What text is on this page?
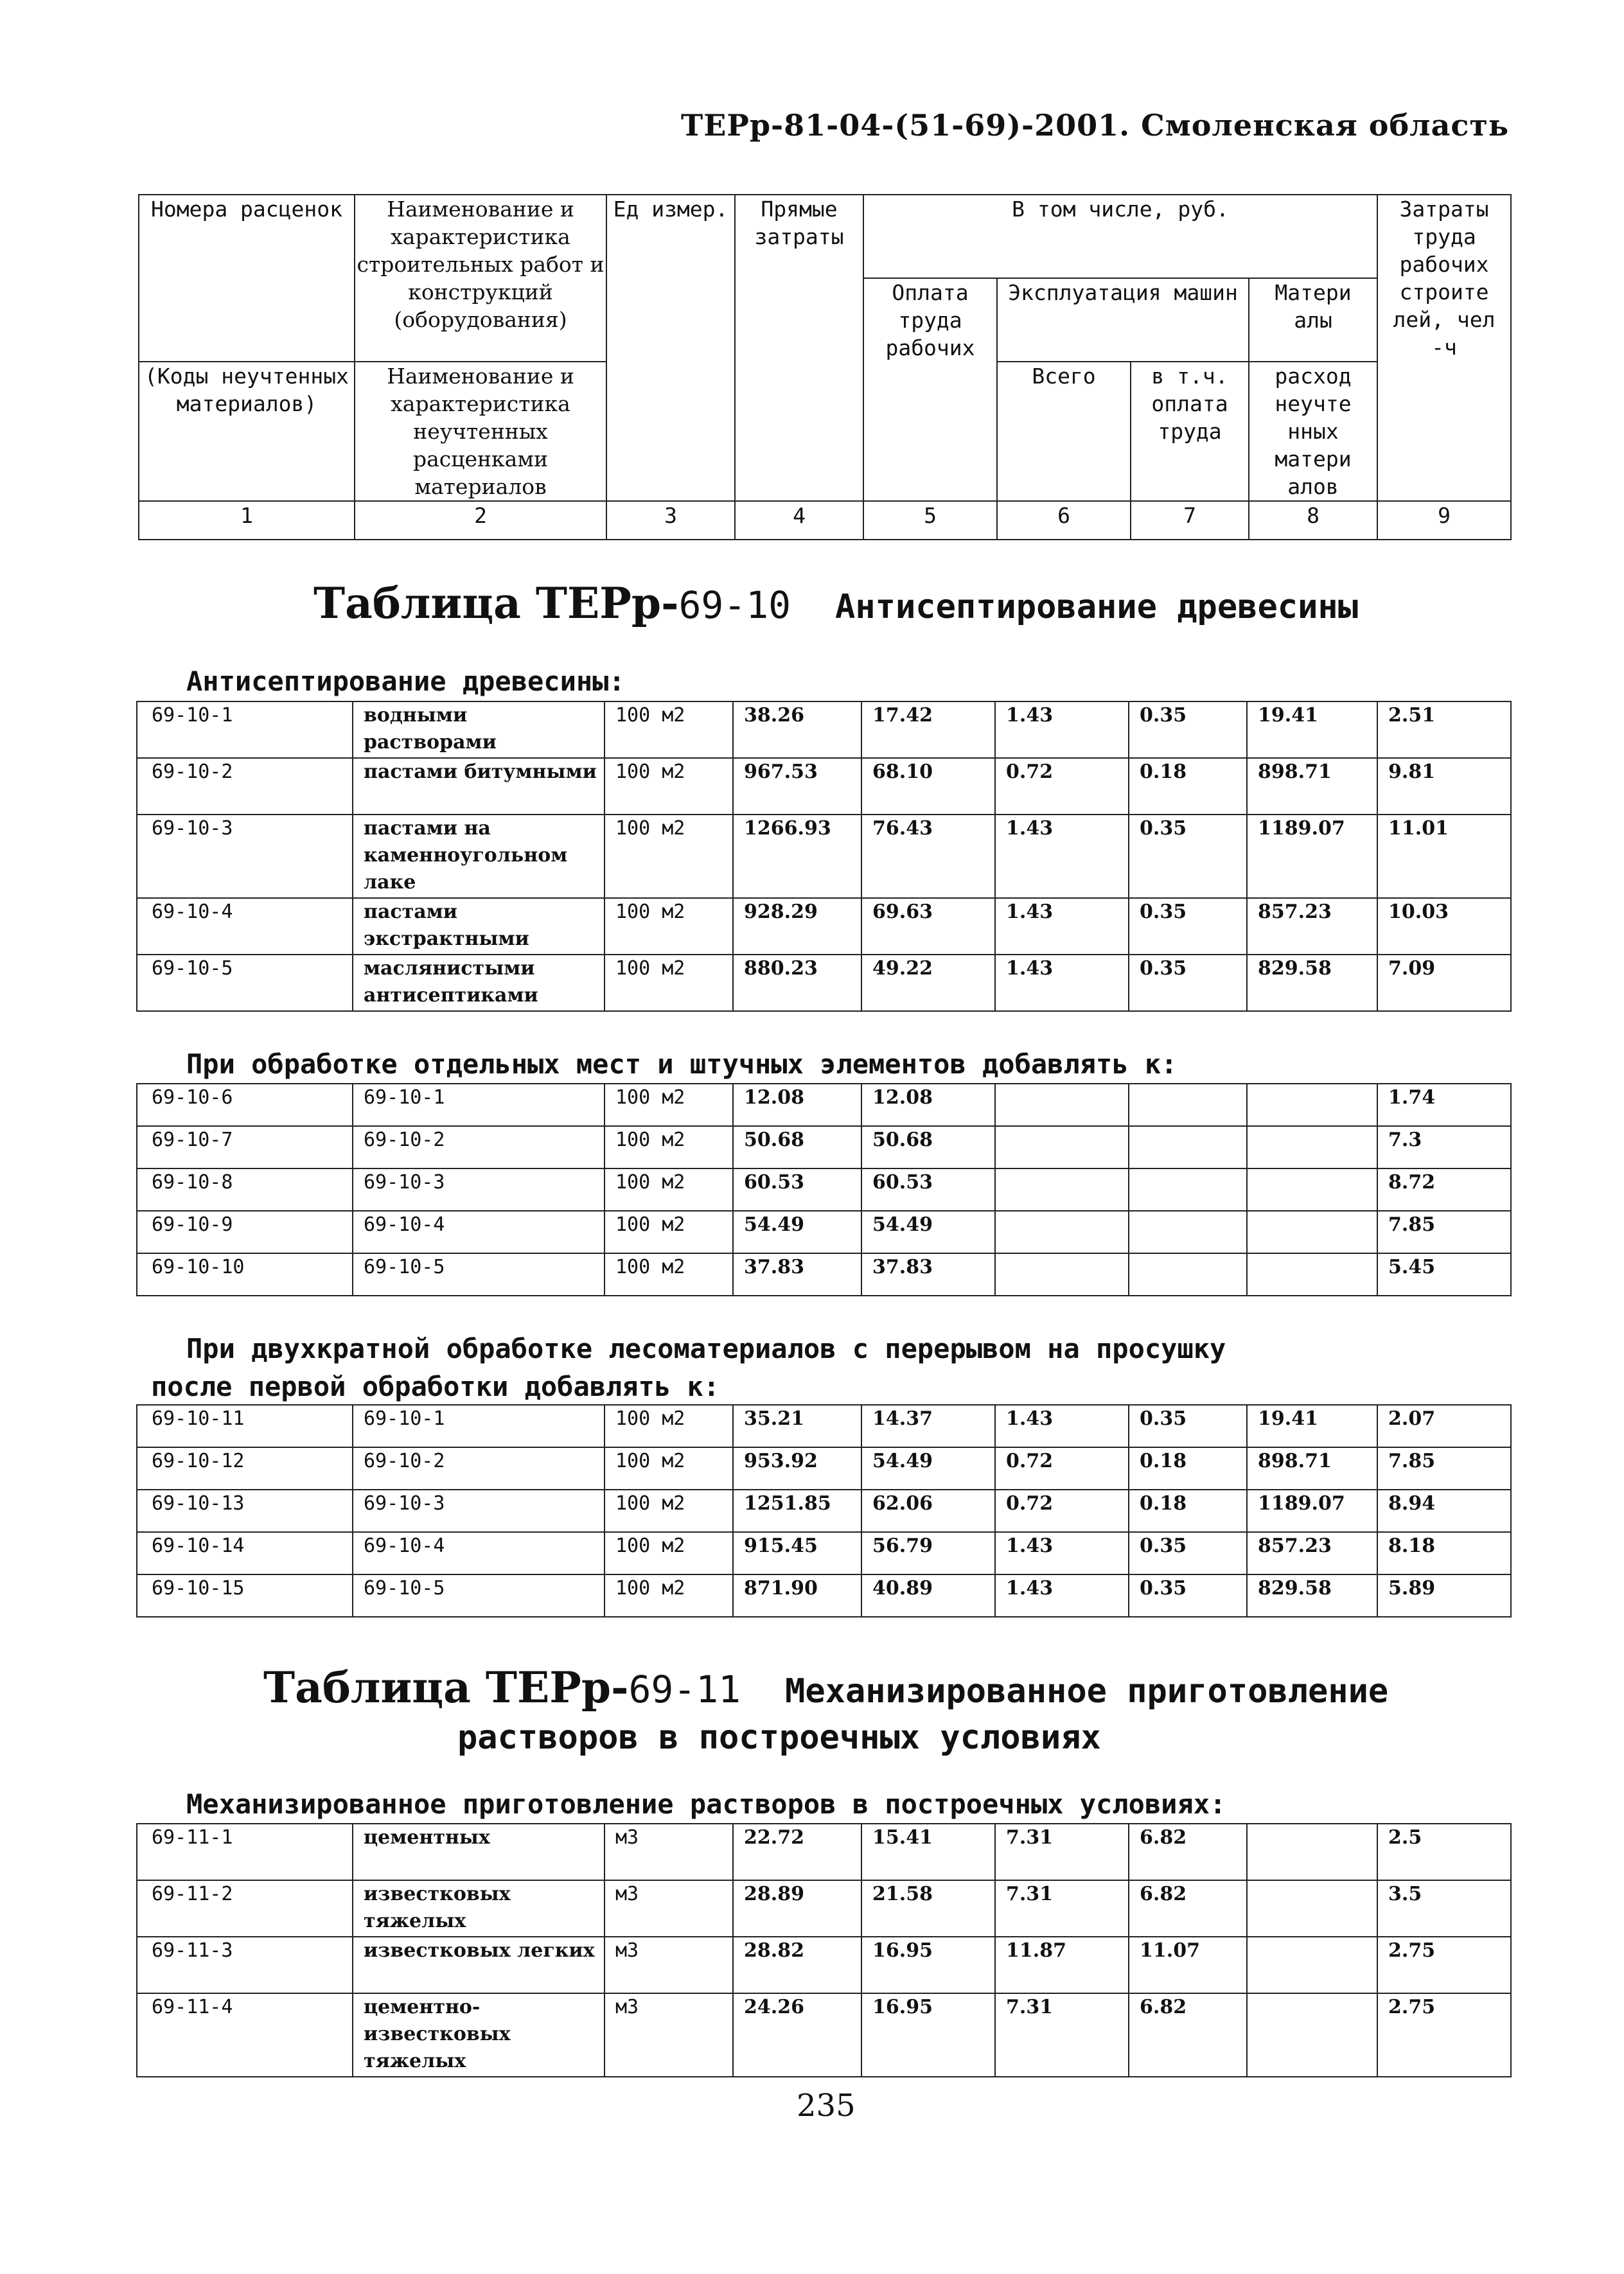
ТЕРр-81-04-(51-69)-2001. Смоленская область
Номера расценок	Наименование и характеристика строительных работ и конструкций (оборудования)	Ед измер.	Прямые затраты	В том числе, руб.				Затраты труда рабочих строите лей, чел -ч
				Оплата труда рабочих	Эксплуатация машин		Матери алы	
(Коды неучтенных материалов)	Наименование и характеристика неучтенных расценками материалов				Всего	в т.ч. оплата труда	расход неучте нных матери алов	
1	2	3	4	5	6	7	8	9
Таблица ТЕРр-69-10 Антисептирование древесины
Антисептирование древесины:
69-10-1	водными растворами	100 м2	38.26	17.42	1.43	0.35	19.41	2.51
69-10-2	пастами битумными	100 м2	967.53	68.10	0.72	0.18	898.71	9.81
69-10-3	пастами на каменноугольном лаке	100 м2	1266.93	76.43	1.43	0.35	1189.07	11.01
69-10-4	пастами экстрактными	100 м2	928.29	69.63	1.43	0.35	857.23	10.03
69-10-5	маслянистыми антисептиками	100 м2	880.23	49.22	1.43	0.35	829.58	7.09
При обработке отдельных мест и штучных элементов добавлять к:
69-10-6	69-10-1	100 м2	12.08	12.08				1.74
69-10-7	69-10-2	100 м2	50.68	50.68				7.3
69-10-8	69-10-3	100 м2	60.53	60.53				8.72
69-10-9	69-10-4	100 м2	54.49	54.49				7.85
69-10-10	69-10-5	100 м2	37.83	37.83				5.45
При двухкратной обработке лесоматериалов с перерывом на просушку
после первой обработки добавлять к:
69-10-11	69-10-1	100 м2	35.21	14.37	1.43	0.35	19.41	2.07
69-10-12	69-10-2	100 м2	953.92	54.49	0.72	0.18	898.71	7.85
69-10-13	69-10-3	100 м2	1251.85	62.06	0.72	0.18	1189.07	8.94
69-10-14	69-10-4	100 м2	915.45	56.79	1.43	0.35	857.23	8.18
69-10-15	69-10-5	100 м2	871.90	40.89	1.43	0.35	829.58	5.89
Таблица ТЕРр-69-11 Механизированное приготовление
растворов в построечных условиях
Механизированное приготовление растворов в построечных условиях:
69-11-1	цементных	м3	22.72	15.41	7.31	6.82		2.5
69-11-2	известковых тяжелых	м3	28.89	21.58	7.31	6.82		3.5
69-11-3	известковых легких	м3	28.82	16.95	11.87	11.07		2.75
69-11-4	цементно-известковых тяжелых	м3	24.26	16.95	7.31	6.82		2.75
235
